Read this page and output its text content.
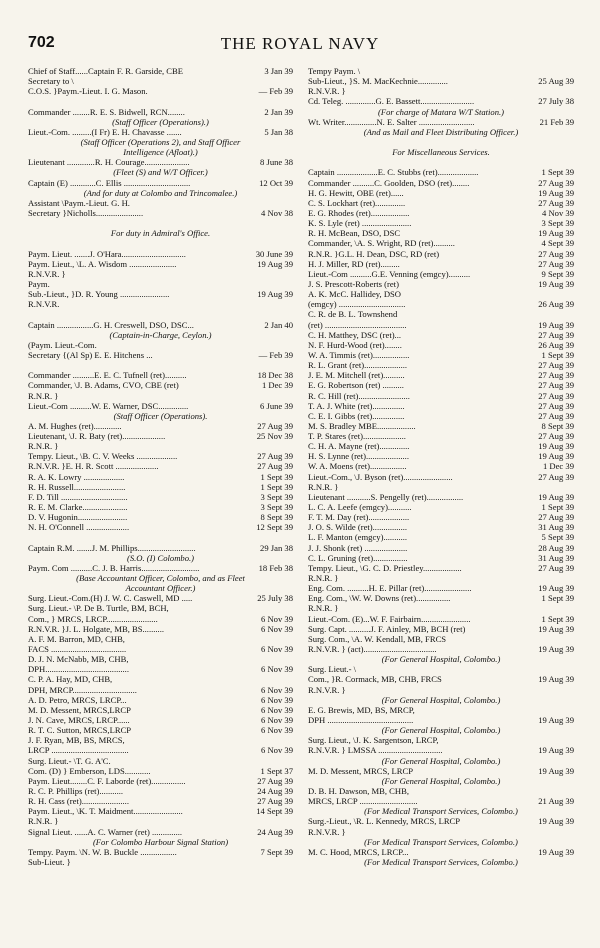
702	THE ROYAL NAVY
Chief of Staff......Captain F. R. Garside, CBE	3 Jan 39
Secretary to \
C.O.S. }Paym.-Lieut. I. G. Mason.	— Feb 39
Commander ........R. E. S. Bidwell, RCN........	2 Jan 39
(Staff Officer (Operations).)
Lieut.-Com. .........(I Fr) E. H. Chavasse .......	5 Jan 38
(Staff Officer (Operations 2), and Staff Officer
Intelligence (Afloat).)
Lieutenant .............R. H. Courage.....................	8 June 38
(Fleet (S) and W/T Officer.)
Captain (E) ............C. Ellis ...............................	12 Oct 39
(And for duty at Colombo and Trincomalee.)
Assistant \Paym.-Lieut. G. H.
Secretary }Nicholls......................	4 Nov 38
For duty in Admiral's Office.
Paym. Lieut. .......J. O'Hara..............................	30 June 39
Paym. Lieut., \L. A. Wisdom ......................	19 Aug 39
R.N.V.R. }
Paym.
Sub.-Lieut., }D. R. Young .......................	19 Aug 39
R.N.V.R.
Captain .................G. H. Creswell, DSO, DSC...	2 Jan 40
(Captain-in-Charge, Ceylon.)
(Paym. Lieut.-Com.
Secretary {(Al Sp) E. E. Hitchens ...	— Feb 39
Commander ..........E. E. C. Tufnell (ret)..........	18 Dec 38
Commander, \J. B. Adams, CVO, CBE (ret)	1 Dec 39
R.N.R. }
Lieut.-Com ..........W. E. Warner, DSC..............	6 June 39
(Staff Officer (Operations).
A. M. Hughes (ret).............	27 Aug 39
Lieutenant, \J. R. Baty (ret)....................	25 Nov 39
R.N.R. }
Tempy. Lieut., \B. C. V. Weeks ...................	27 Aug 39
R.N.V.R. }E. H. R. Scott ....................	27 Aug 39
R. A. K. Lowry ...................	1 Sept 39
R. H. Russell........................	1 Sept 39
F. D. Till ...............................	3 Sept 39
R. E. M. Clarke.....................	3 Sept 39
D. V. Hugonin.......................	8 Sept 39
N. H. O'Connell ....................	12 Sept 39
Captain R.M. .......J. M. Phillips...........................	29 Jan 38
(S.O. (I) Colombo.)
Paym. Com ..........C. J. B. Harris...........................	18 Feb 38
(Base Accountant Officer, Colombo, and as Fleet
Accountant Officer.)
Surg. Lieut.-Com.(H) J. W. C. Caswell, MD .....	25 July 38
Surg. Lieut.- \P. De B. Turtle, BM, BCH,
Com., } MRCS, LRCP........................	6 Nov 39
R.N.V.R. }J. L. Holgate, MB, BS..........	6 Nov 39
A. F. M. Barron, MD, CHB,
FACS ...................................	6 Nov 39
D. J. N. McNabb, MB, CHB,
DPH.......................................	6 Nov 39
C. P. A. Hay, MD, CHB,
DPH, MRCP..............................	6 Nov 39
A. D. Petro, MRCS, LRCP...	6 Nov 39
M. D. Messent, MRCS,LRCP	6 Nov 39
J. N. Cave, MRCS, LRCP......	6 Nov 39
R. T. C. Sutton, MRCS,LRCP	6 Nov 39
J. F. Ryan, MB, BS, MRCS,
LRCP ....................................	6 Nov 39
Surg. Lieut.- \T. G. A'C.
Com. (D) } Emberson, LDS............	1 Sept 37
Paym. Lieut........C. F. Laborde (ret)................	27 Aug 39
R. C. P. Phillips (ret)...........	24 Aug 39
R. H. Cass (ret)......................	27 Aug 39
Paym. Lieut., \K. T. Maidment.......................	14 Sept 39
R.N.R. }
Signal Lieut. ......A. C. Warner (ret) ..............	24 Aug 39
(For Colombo Harbour Signal Station)
Tempy. Paym. \N. W. B. Buckle .................	7 Sept 39
Sub-Lieut. }
Tempy Paym. \
Sub-Lieut., }S. M. MacKechnie..............	25 Aug 39
R.N.V.R. }
Cd. Teleg. ..............G. E. Bassett.........................	27 July 38
(For charge of Matara W/T Station.)
Wt. Writer...............N. E. Salter ..........................	21 Feb 39
(And as Mail and Fleet Distributing Officer.)
For Miscellaneous Services.
Captain ...................E. C. Stubbs (ret)...................	1 Sept 39
Commander ..........C. Goolden, DSO (ret)........	27 Aug 39
H. G. Hewitt, OBE (ret)......	19 Aug 39
C. S. Lockhart (ret)..............	27 Aug 39
E. G. Rhodes (ret)..................	4 Nov 39
K. S. Lyle (ret) .......................	3 Sept 39
R. H. McBean, DSO, DSC	19 Aug 39
Commander, \A. S. Wright, RD (ret)..........	4 Sept 39
R.N.R. }G.L. H. Dean, DSC, RD (ret)	27 Aug 39
H. J. Miller, RD (ret).........	27 Aug 39
Lieut.-Com ..........G.E. Venning (emgcy)..........	9 Sept 39
J. S. Prescott-Roberts (ret)	19 Aug 39
A. K. McC. Hallidey, DSO
(emgcy) ...............................	26 Aug 39
C. R. de B. L. Townshend
(ret) ......................................	19 Aug 39
C. H. Matthey, DSC (ret)...	27 Aug 39
N. F. Hurd-Wood (ret)........	26 Aug 39
W. A. Timmis (ret).................	1 Sept 39
R. L. Grant (ret)....................	27 Aug 39
J. E. M. Mitchell (ret)..........	27 Aug 39
E. G. Robertson (ret) ..........	27 Aug 39
R. C. Hill (ret)........................	27 Aug 39
T. A. J. White (ret)...............	27 Aug 39
C. E. I. Gibbs (ret)...............	27 Aug 39
M. S. Bradley MBE..................	8 Sept 39
T. P. Stares (ret)....................	27 Aug 39
C. H. A. Mayne (ret)..............	19 Aug 39
H. S. Lynne (ret)....................	19 Aug 39
W. A. Moens (ret).................	1 Dec 39
Lieut.-Com., \J. Byson (ret).......................	27 Aug 39
R.N.R. }
Lieutenant ...........S. Pengelly (ret).................	19 Aug 39
L. C. A. Leefe (emgcy)...........	1 Sept 39
F. T. M. Day (ret)...................	27 Aug 39
J. O. S. Wilde (ret)................	31 Aug 39
L. F. Manton (emgcy)...........	5 Sept 39
J. J. Shonk (ret) ....................	28 Aug 39
C. L. Gruning (ret)................	31 Aug 39
Tempy. Lieut., \G. C. D. Priestley..................	27 Aug 39
R.N.R. }
Eng. Com. ..........H. E. Pillar (ret)......................	19 Aug 39
Eng. Com., \W. W. Downs (ret)................	1 Sept 39
R.N.R. }
Lieut.-Com. (E)...W. F. Fairbairn.......................	1 Sept 39
Surg. Capt. ..........J. F. Ainley, MB, BCH (ret)	19 Aug 39
Surg. Com., \A. W. Kendall, MB, FRCS
R.N.V.R. } (act)..................................	19 Aug 39
(For General Hospital, Colombo.)
Surg. Lieut.- \
Com., }R. Cormack, MB, CHB, FRCS	19 Aug 39
R.N.V.R. }
(For General Hospital, Colombo.)
E. G. Brewis, MD, BS, MRCP,
DPH ........................................	19 Aug 39
(For General Hospital, Colombo.)
Surg. Lieut., \J. K. Sargentson, LRCP,
R.N.V.R. } LMSSA ..............................	19 Aug 39
(For General Hospital, Colombo.)
M. D. Messent, MRCS, LRCP	19 Aug 39
(For General Hospital, Colombo.)
D. B. H. Dawson, MB, CHB,
MRCS, LRCP ...........................	21 Aug 39
(For Medical Transport Services, Colombo.)
Surg.-Lieut., \R. L. Kennedy, MRCS, LRCP	19 Aug 39
R.N.V.R. }
(For Medical Transport Services, Colombo.)
M. C. Hood, MRCS, LRCP...	19 Aug 39
(For Medical Transport Services, Colombo.)
